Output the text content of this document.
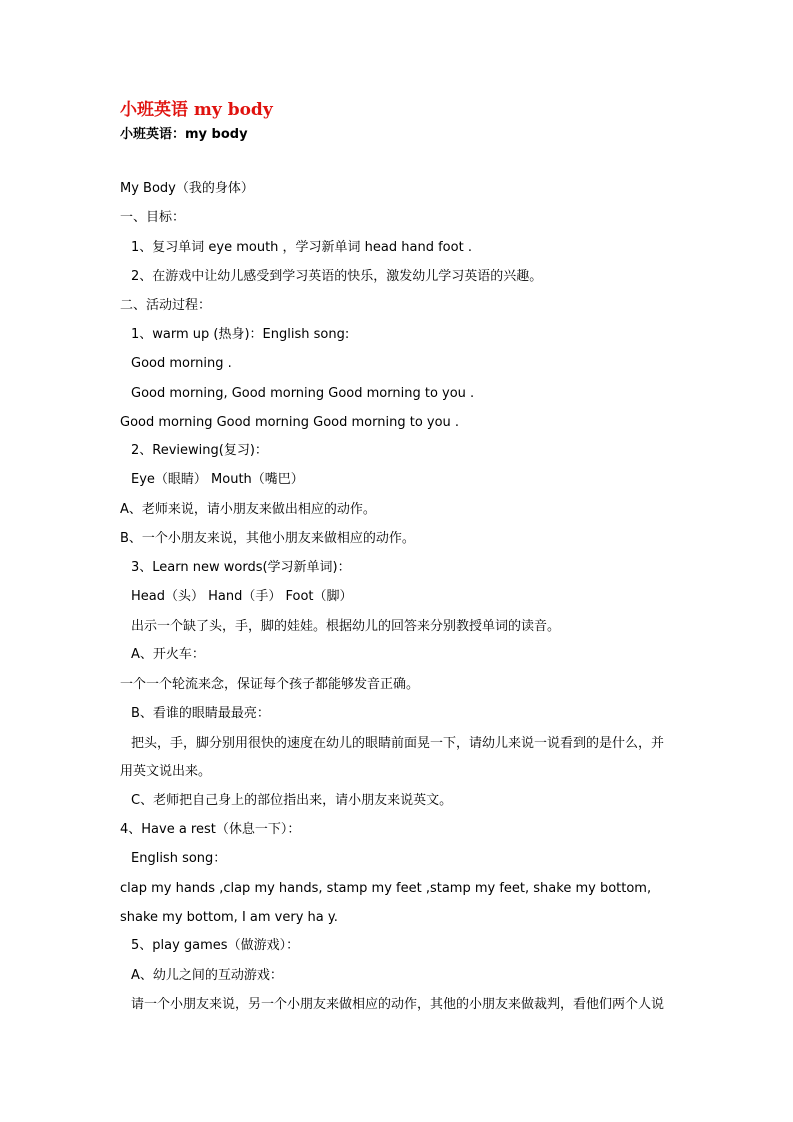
小班英语 my body
小班英语：my body
My Body（我的身体）
一、目标：
1、复习单词 eye mouth ，学习新单词 head hand foot .
2、在游戏中让幼儿感受到学习英语的快乐，激发幼儿学习英语的兴趣。
二、活动过程：
1、warm up (热身)：English song:
Good morning .
Good morning, Good morning Good morning to you .
Good morning Good morning Good morning to you .
2、Reviewing(复习)：
Eye（眼睛） Mouth（嘴巴）
A、老师来说，请小朋友来做出相应的动作。
B、一个小朋友来说，其他小朋友来做相应的动作。
3、Learn new words(学习新单词)：
Head（头） Hand（手） Foot（脚）
出示一个缺了头，手，脚的娃娃。根据幼儿的回答来分别教授单词的读音。
A、开火车：
一个一个轮流来念，保证每个孩子都能够发音正确。
B、看谁的眼睛最最亮：
把头，手，脚分别用很快的速度在幼儿的眼睛前面晃一下，请幼儿来说一说看到的是什么，并
用英文说出来。
C、老师把自己身上的部位指出来，请小朋友来说英文。
4、Have a rest（休息一下）：
English song：
clap my hands ,clap my hands, stamp my feet ,stamp my feet, shake my bottom,
shake my bottom, I am very ha y.
5、play games（做游戏）：
A、幼儿之间的互动游戏：
请一个小朋友来说，另一个小朋友来做相应的动作，其他的小朋友来做裁判，看他们两个人说
